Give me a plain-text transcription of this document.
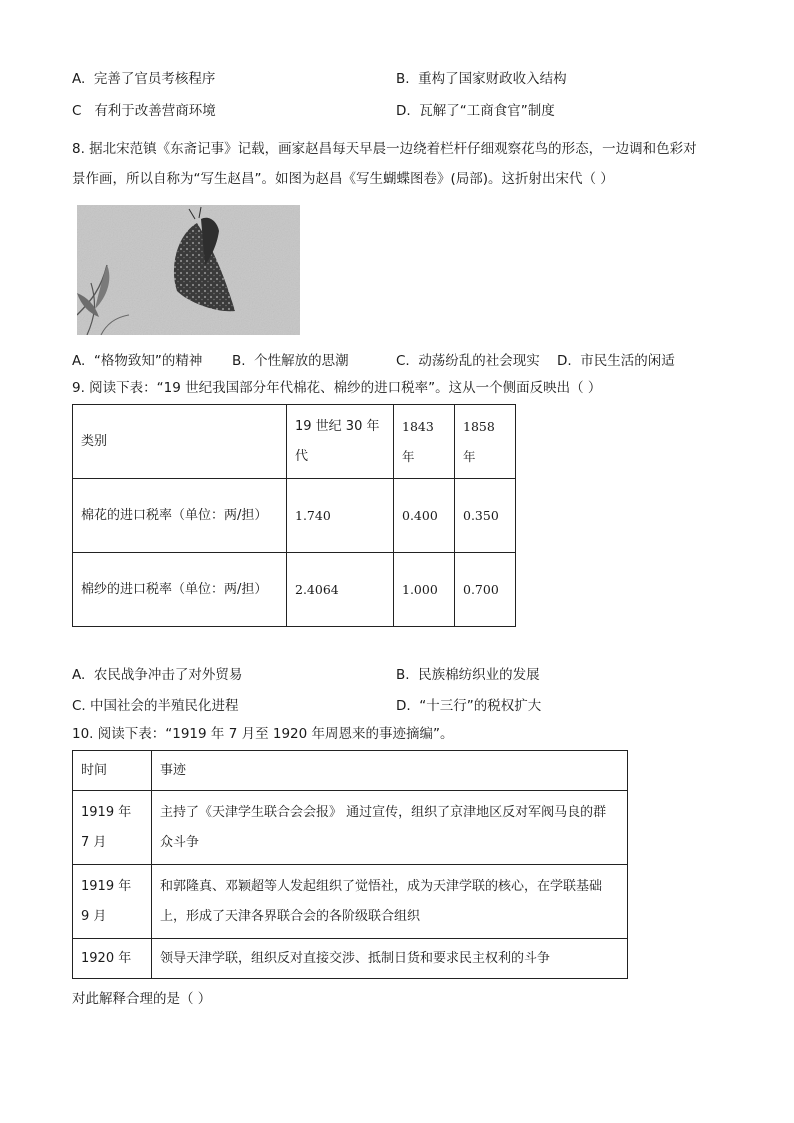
A. 完善了官员考核程序	B. 重构了国家财政收入结构
C 有利于改善营商环境	D. 瓦解了“工商食官”制度
8. 据北宋范镇《东斋记事》记载，画家赵昌每天早晨一边绕着栏杆仔细观察花鸟的形态，一边调和色彩对
景作画，所以自称为“写生赵昌”。如图为赵昌《写生蝴蝶图卷》(局部)。这折射出宋代（ ）
A. “格物致知”的精神 B. 个性解放的思潮	C. 动荡纷乱的社会现实 D. 市民生活的闲适
9. 阅读下表：“19 世纪我国部分年代棉花、棉纱的进口税率”。这从一个侧面反映出（ ）
类别	19 世纪 30 年代	1843 年	1858 年
棉花的进口税率（单位：两/担）	1.740	0.400	0.350
棉纱的进口税率（单位：两/担）	2.4064	1.000	0.700
A. 农民战争冲击了对外贸易	B. 民族棉纺织业的发展
C. 中国社会的半殖民化进程	D. “十三行”的税权扩大
10. 阅读下表：“1919 年 7 月至 1920 年周恩来的事迹摘编”。
时间	事迹
1919 年 7 月	主持了《天津学生联合会会报》 通过宣传，组织了京津地区反对军阀马良的群众斗争
1919 年 9 月	和郭隆真、邓颖超等人发起组织了觉悟社，成为天津学联的核心，在学联基础上，形成了天津各界联合会的各阶级联合组织
1920 年	领导天津学联，组织反对直接交涉、抵制日货和要求民主权利的斗争
对此解释合理的是（ ）
